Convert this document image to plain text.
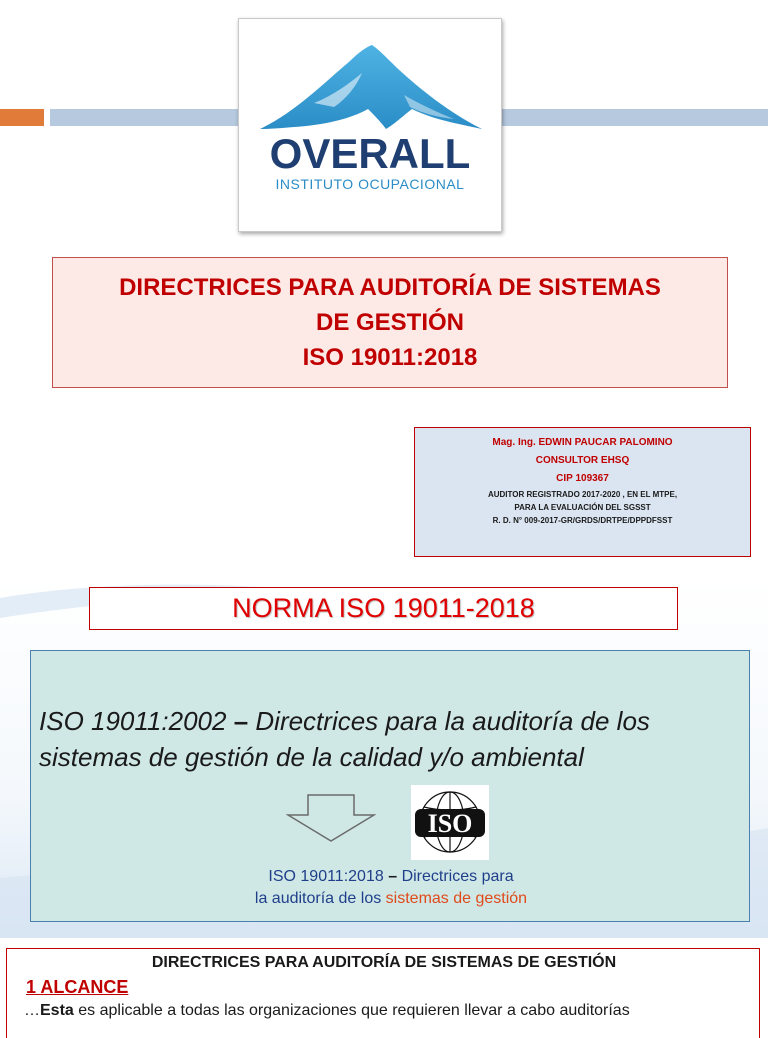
OVERALL
INSTITUTO OCUPACIONAL
DIRECTRICES PARA AUDITORÍA DE SISTEMAS
DE GESTIÓN
ISO 19011:2018
Mag. Ing. EDWIN PAUCAR PALOMINO
CONSULTOR EHSQ
CIP 109367
AUDITOR REGISTRADO 2017-2020 , EN EL MTPE,
PARA LA EVALUACIÓN DEL SGSST
R. D. N° 009-2017-GR/GRDS/DRTPE/DPPDFSST
NORMA ISO 19011-2018
ISO 19011:2002 – Directrices para la auditoría de los sistemas de gestión de la calidad y/o ambiental
ISO
ISO 19011:2018 – Directrices para
la auditoría de los sistemas de gestión
DIRECTRICES PARA AUDITORÍA DE SISTEMAS DE GESTIÓN
1 ALCANCE
…Esta es aplicable a todas las organizaciones que requieren llevar a cabo auditorías
